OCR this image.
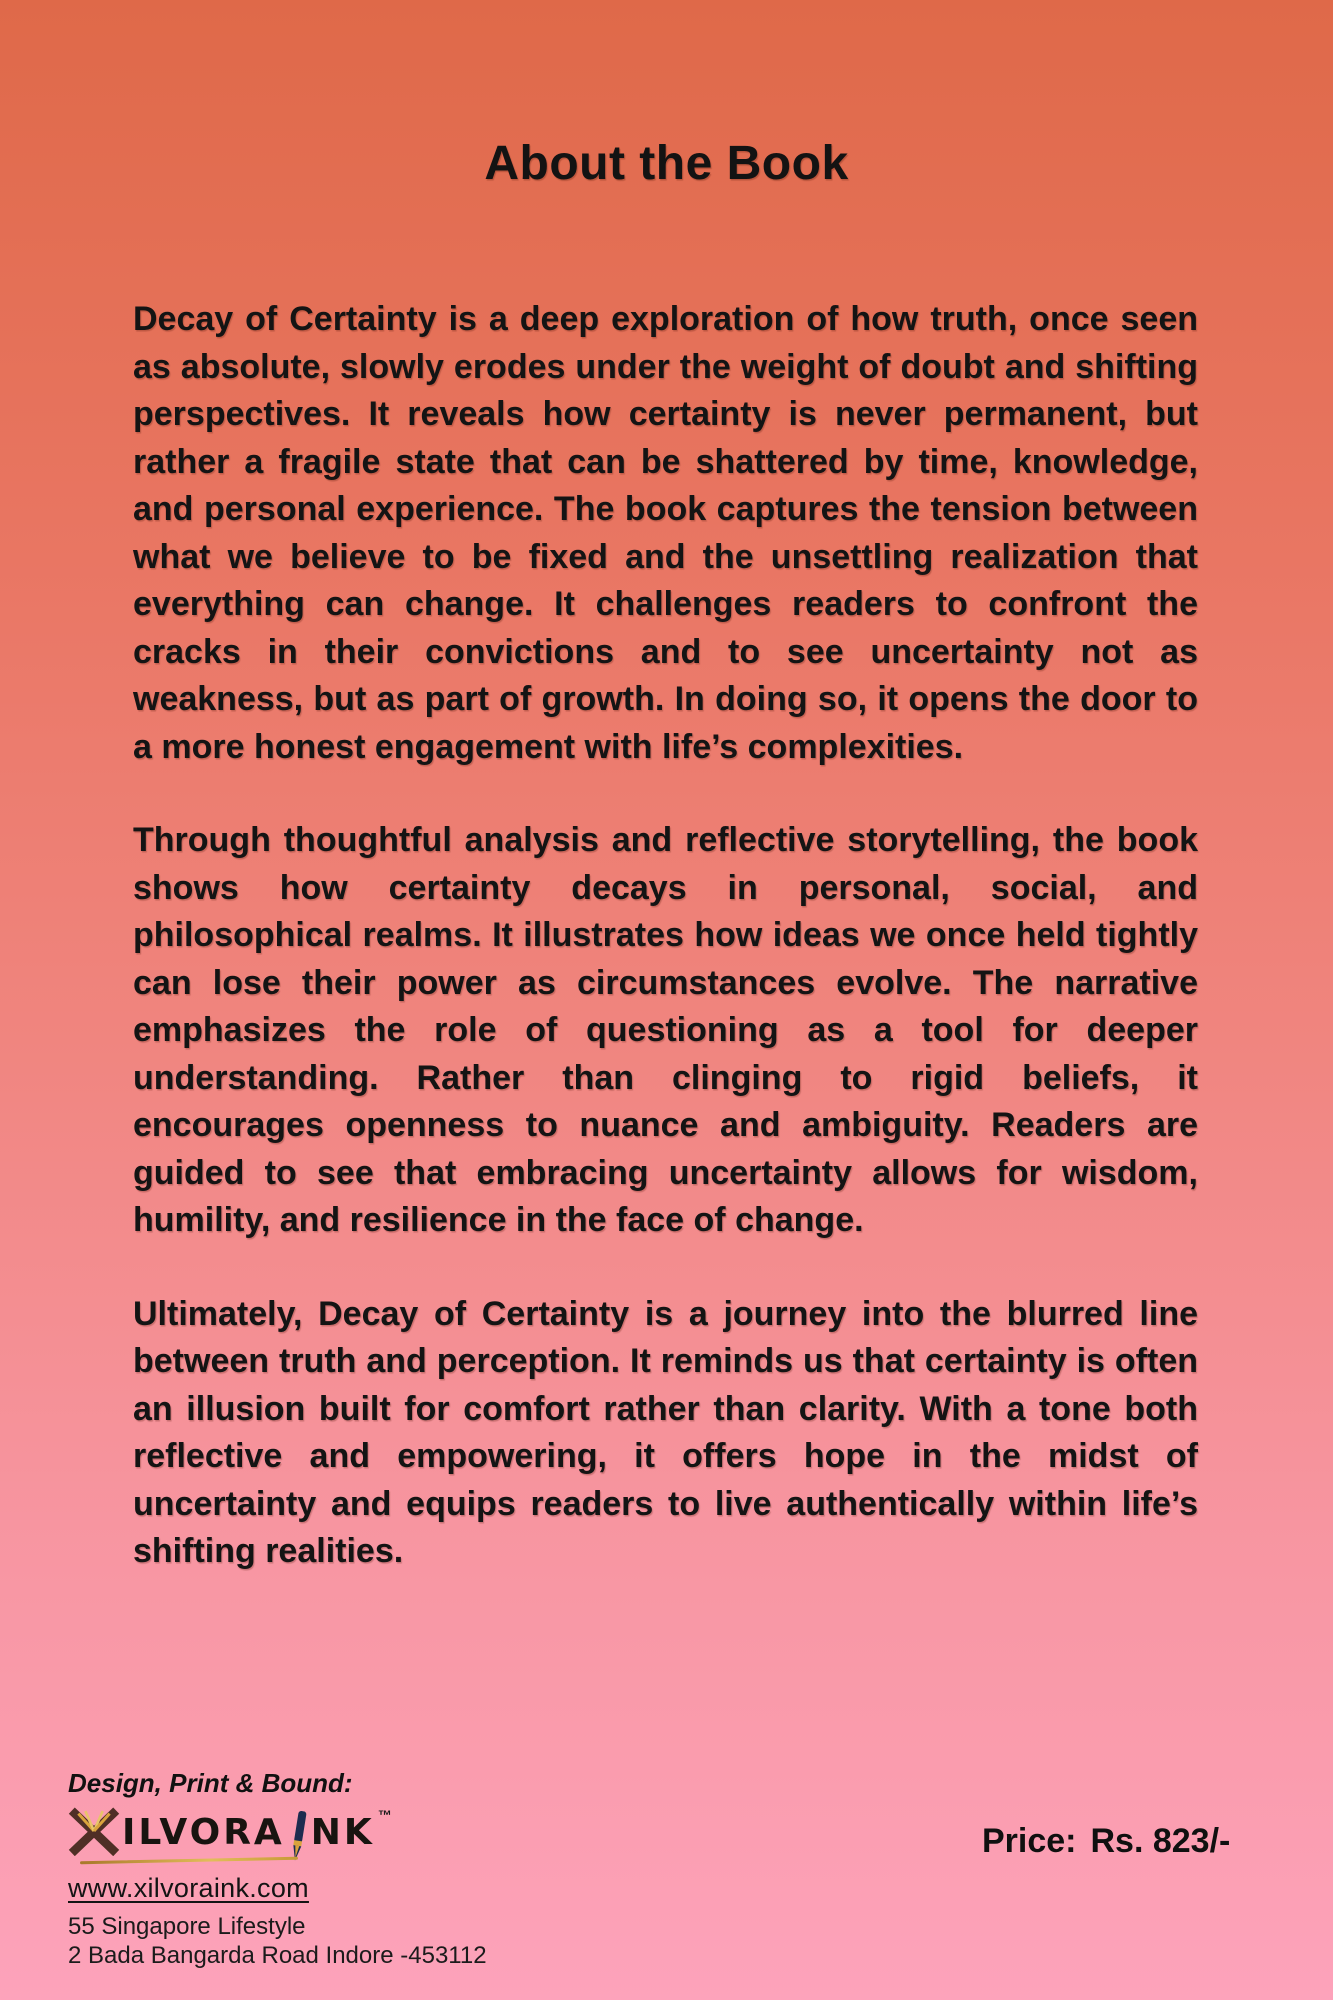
About the Book

Decay of Certainty is a deep exploration of how truth, once seen as absolute, slowly erodes under the weight of doubt and shifting perspectives. It reveals how certainty is never permanent, but rather a fragile state that can be shattered by time, knowledge, and personal experience. The book captures the tension between what we believe to be fixed and the unsettling realization that everything can change. It challenges readers to confront the cracks in their convictions and to see uncertainty not as weakness, but as part of growth. In doing so, it opens the door to a more honest engagement with life’s complexities.

Through thoughtful analysis and reflective storytelling, the book shows how certainty decays in personal, social, and philosophical realms. It illustrates how ideas we once held tightly can lose their power as circumstances evolve. The narrative emphasizes the role of questioning as a tool for deeper understanding. Rather than clinging to rigid beliefs, it encourages openness to nuance and ambiguity. Readers are guided to see that embracing uncertainty allows for wisdom, humility, and resilience in the face of change.

Ultimately, Decay of Certainty is a journey into the blurred line between truth and perception. It reminds us that certainty is often an illusion built for comfort rather than clarity. With a tone both reflective and empowering, it offers hope in the midst of uncertainty and equips readers to live authentically within life’s shifting realities.

Design, Print & Bound:
ILVORA NK ™
www.xilvoraink.com
55 Singapore Lifestyle
2 Bada Bangarda Road Indore -453112
Price: Rs. 823/-
